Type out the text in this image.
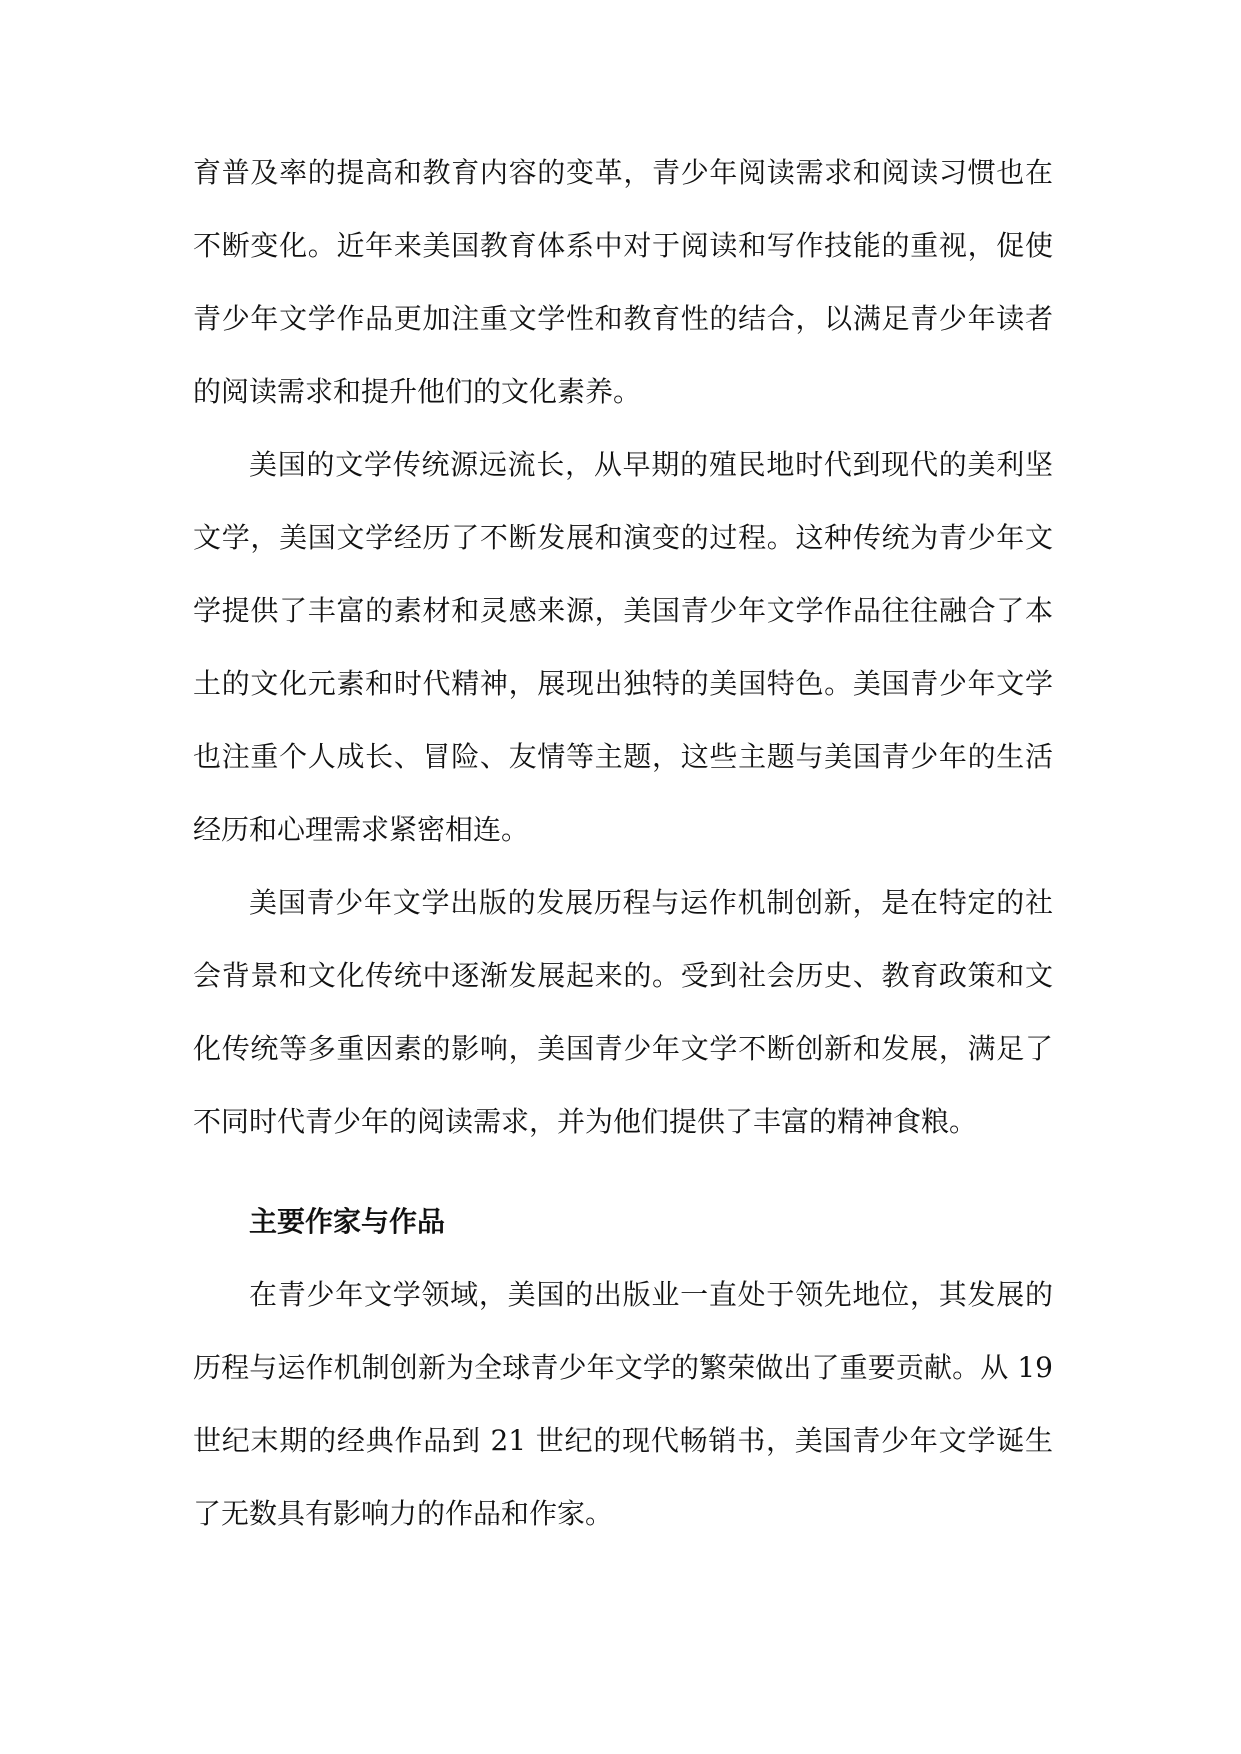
育普及率的提高和教育内容的变革，青少年阅读需求和阅读习惯也在不断变化。近年来美国教育体系中对于阅读和写作技能的重视，促使青少年文学作品更加注重文学性和教育性的结合，以满足青少年读者的阅读需求和提升他们的文化素养。

美国的文学传统源远流长，从早期的殖民地时代到现代的美利坚文学，美国文学经历了不断发展和演变的过程。这种传统为青少年文学提供了丰富的素材和灵感来源，美国青少年文学作品往往融合了本土的文化元素和时代精神，展现出独特的美国特色。美国青少年文学也注重个人成长、冒险、友情等主题，这些主题与美国青少年的生活经历和心理需求紧密相连。

美国青少年文学出版的发展历程与运作机制创新，是在特定的社会背景和文化传统中逐渐发展起来的。受到社会历史、教育政策和文化传统等多重因素的影响，美国青少年文学不断创新和发展，满足了不同时代青少年的阅读需求，并为他们提供了丰富的精神食粮。

主要作家与作品

在青少年文学领域，美国的出版业一直处于领先地位，其发展的历程与运作机制创新为全球青少年文学的繁荣做出了重要贡献。从 19 世纪末期的经典作品到 21 世纪的现代畅销书，美国青少年文学诞生了无数具有影响力的作品和作家。
